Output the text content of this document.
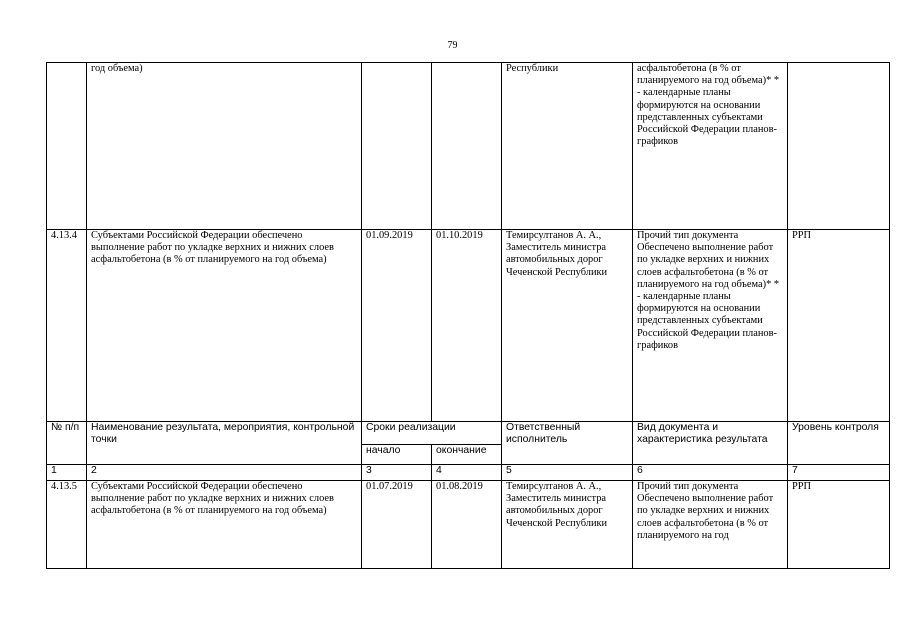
79
	год объема)			Республики	асфальтобетона (в % от планируемого на год объема)* * - календарные планы формируются на основании представленных субъектами Российской Федерации планов-графиков	
4.13.4	Субъектами Российской Федерации обеспечено выполнение работ по укладке верхних и нижних слоев асфальтобетона (в % от планируемого на год объема)	01.09.2019	01.10.2019	Темирсултанов А. А., Заместитель министра автомобильных дорог Чеченской Республики	Прочий тип документа Обеспечено выполнение работ по укладке верхних и нижних слоев асфальтобетона (в % от планируемого на год объема)* * - календарные планы формируются на основании представленных субъектами Российской Федерации планов-графиков	РРП
№ п/п	Наименование результата, мероприятия, контрольной точки	Сроки реализации		Ответственный исполнитель	Вид документа и характеристика результата	Уровень контроля
		начало	окончание			
1	2	3	4	5	6	7
4.13.5	Субъектами Российской Федерации обеспечено выполнение работ по укладке верхних и нижних слоев асфальтобетона (в % от планируемого на год объема)	01.07.2019	01.08.2019	Темирсултанов А. А., Заместитель министра автомобильных дорог Чеченской Республики	Прочий тип документа Обеспечено выполнение работ по укладке верхних и нижних слоев асфальтобетона (в % от планируемого на год	РРП
